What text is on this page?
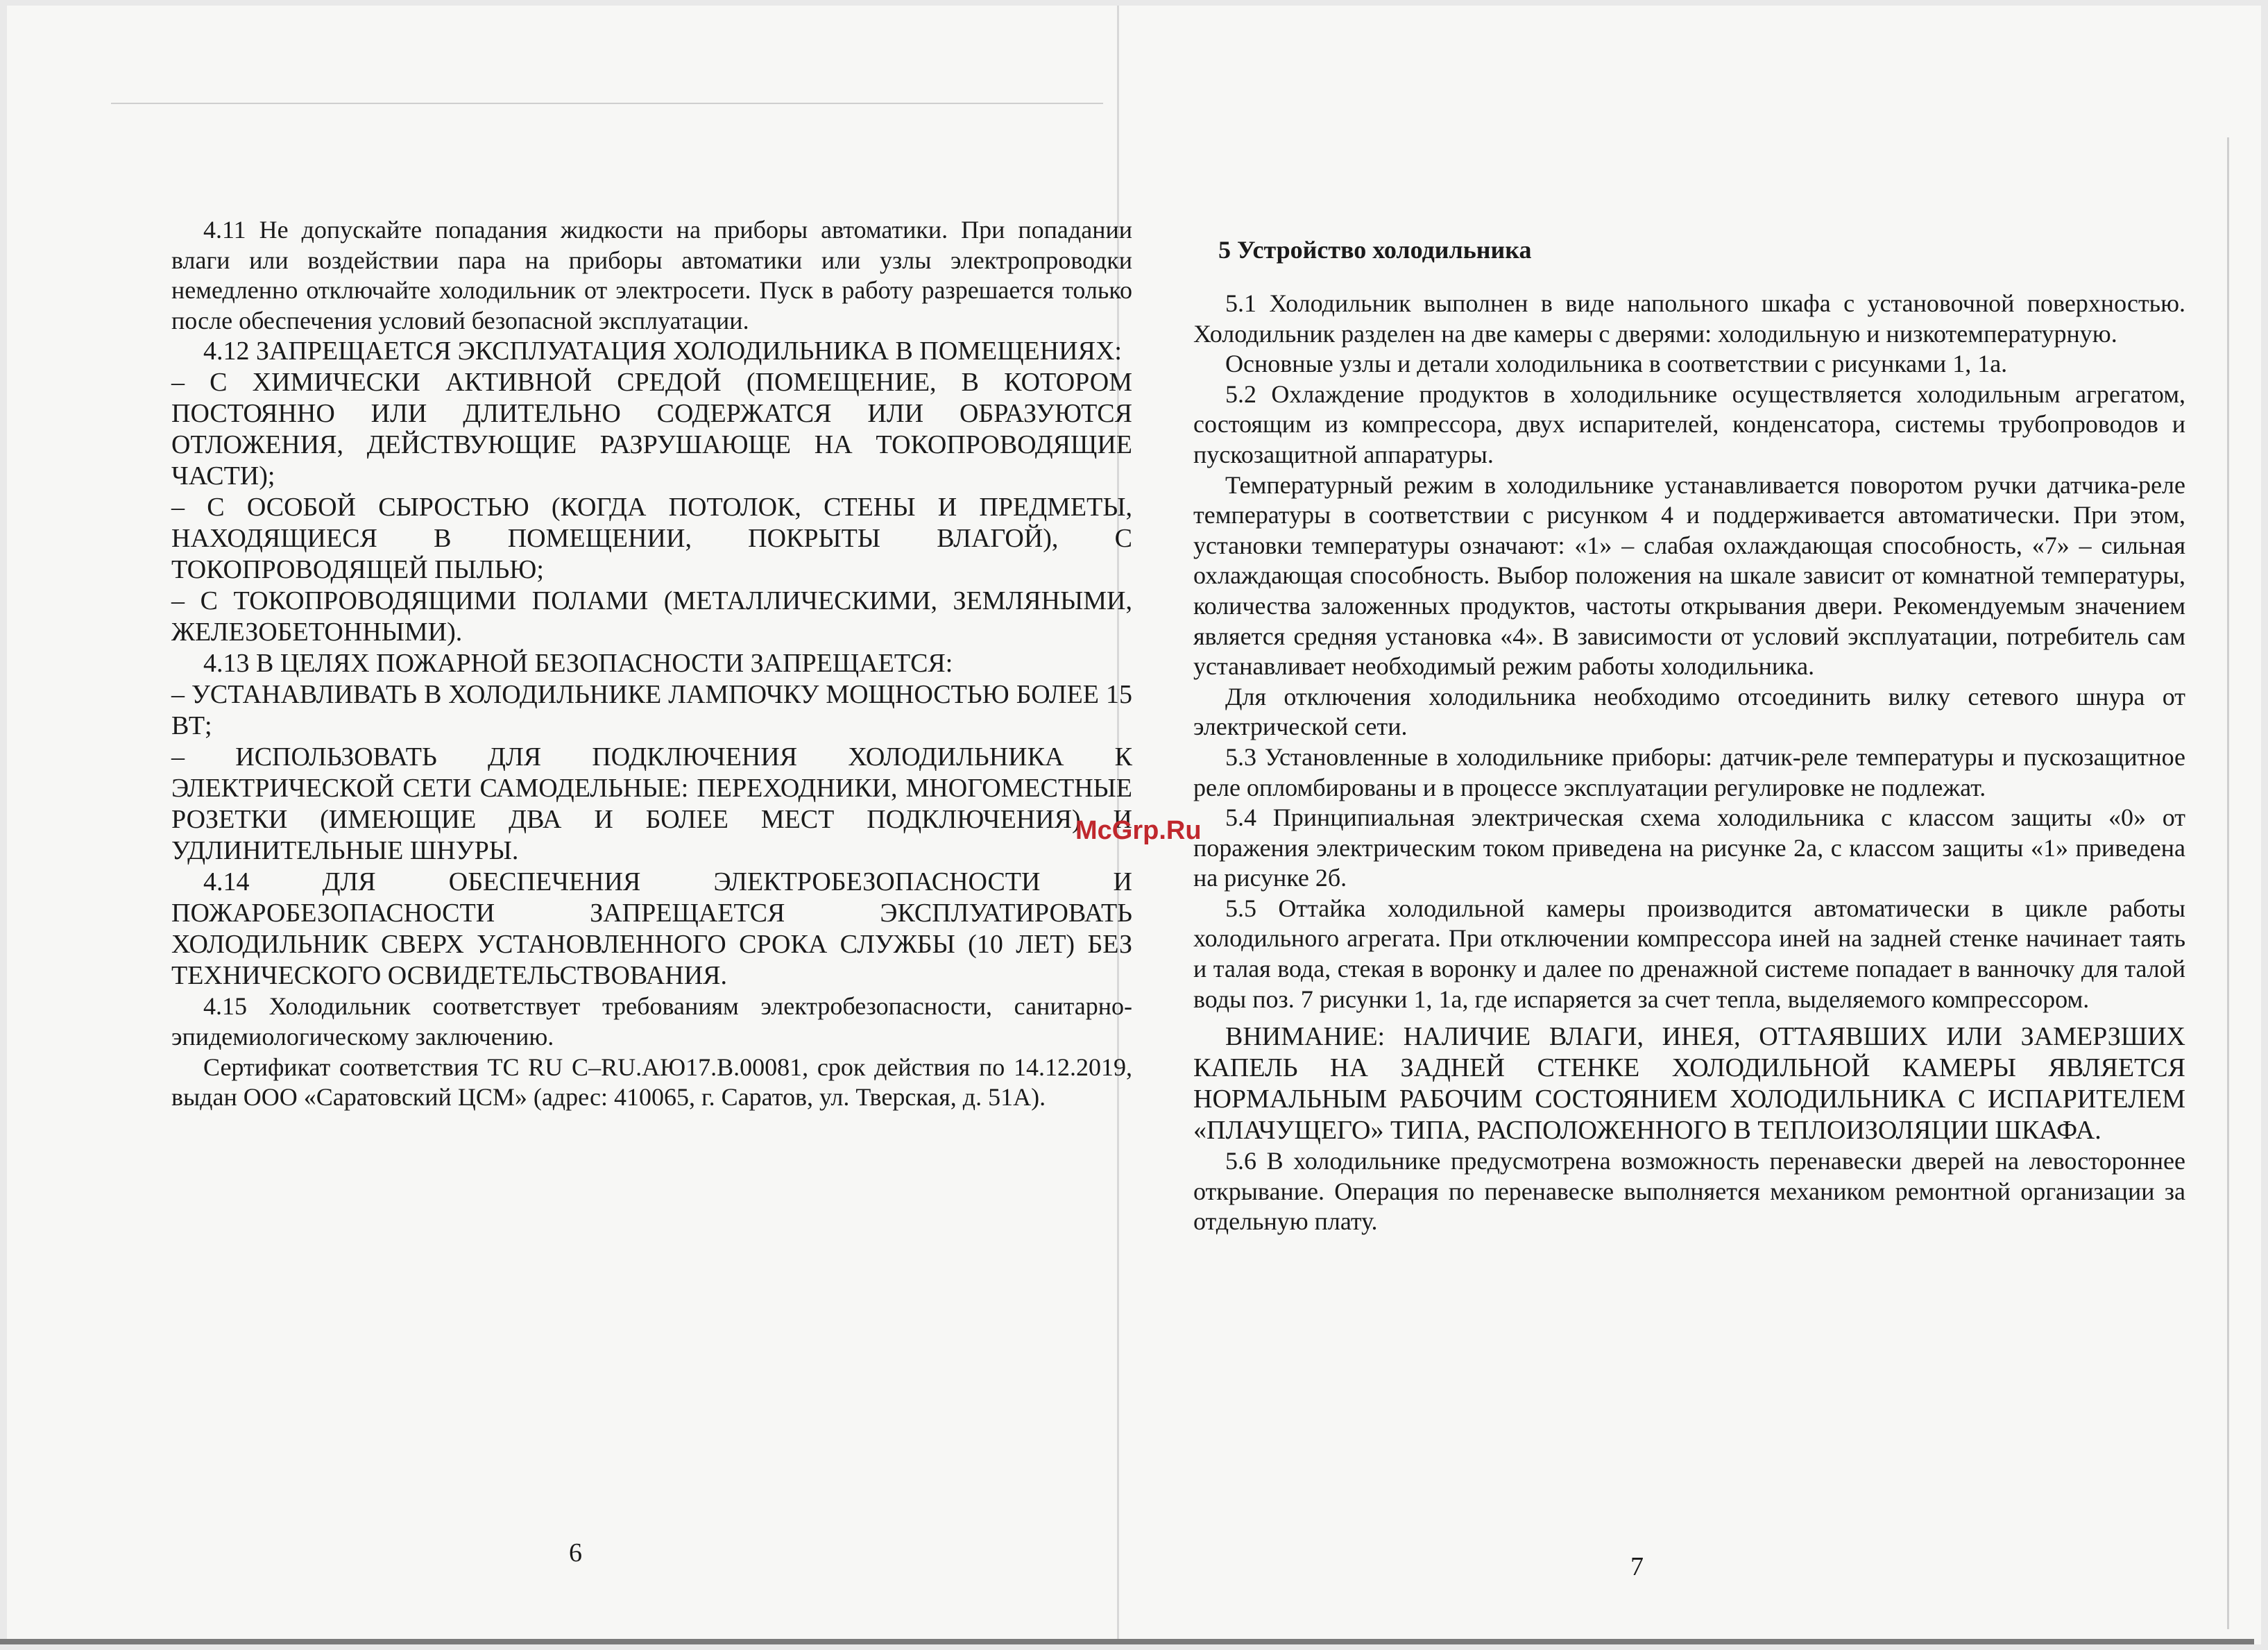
4.11 Не допускайте попадания жидкости на приборы автоматики. При попадании влаги или воздействии пара на приборы автоматики или узлы электропроводки немедленно отключайте холодильник от электросети. Пуск в работу разрешается только после обеспечения условий безопасной эксплуатации.

4.12 ЗАПРЕЩАЕТСЯ ЭКСПЛУАТАЦИЯ ХОЛОДИЛЬНИКА В ПОМЕЩЕНИЯХ:

– С ХИМИЧЕСКИ АКТИВНОЙ СРЕДОЙ (ПОМЕЩЕНИЕ, В КОТОРОМ ПОСТОЯННО ИЛИ ДЛИТЕЛЬНО СОДЕРЖАТСЯ ИЛИ ОБРАЗУЮТСЯ ОТЛОЖЕНИЯ, ДЕЙСТВУЮЩИЕ РАЗРУШАЮЩЕ НА ТОКОПРОВОДЯЩИЕ ЧАСТИ);

– С ОСОБОЙ СЫРОСТЬЮ (КОГДА ПОТОЛОК, СТЕНЫ И ПРЕДМЕТЫ, НАХОДЯЩИЕСЯ В ПОМЕЩЕНИИ, ПОКРЫТЫ ВЛАГОЙ), С ТОКОПРОВОДЯЩЕЙ ПЫЛЬЮ;

– С ТОКОПРОВОДЯЩИМИ ПОЛАМИ (МЕТАЛЛИЧЕСКИМИ, ЗЕМЛЯНЫМИ, ЖЕЛЕЗОБЕТОННЫМИ).

4.13 В ЦЕЛЯХ ПОЖАРНОЙ БЕЗОПАСНОСТИ ЗАПРЕЩАЕТСЯ:

– УСТАНАВЛИВАТЬ В ХОЛОДИЛЬНИКЕ ЛАМПОЧКУ МОЩНОСТЬЮ БОЛЕЕ 15 ВТ;

– ИСПОЛЬЗОВАТЬ ДЛЯ ПОДКЛЮЧЕНИЯ ХОЛОДИЛЬНИКА К ЭЛЕКТРИЧЕСКОЙ СЕТИ САМОДЕЛЬНЫЕ: ПЕРЕХОДНИКИ, МНОГОМЕСТНЫЕ РОЗЕТКИ (ИМЕЮЩИЕ ДВА И БОЛЕЕ МЕСТ ПОДКЛЮЧЕНИЯ) И УДЛИНИТЕЛЬНЫЕ ШНУРЫ.

4.14 ДЛЯ ОБЕСПЕЧЕНИЯ ЭЛЕКТРОБЕЗОПАСНОСТИ И ПОЖАРОБЕЗОПАСНОСТИ ЗАПРЕЩАЕТСЯ ЭКСПЛУАТИРОВАТЬ ХОЛОДИЛЬНИК СВЕРХ УСТАНОВЛЕННОГО СРОКА СЛУЖБЫ (10 ЛЕТ) БЕЗ ТЕХНИЧЕСКОГО ОСВИДЕТЕЛЬСТВОВАНИЯ.

4.15 Холодильник соответствует требованиям электробезопасности, санитарно-эпидемиологическому заключению.

Сертификат соответствия ТС RU C–RU.АЮ17.В.00081, срок действия по 14.12.2019, выдан ООО «Саратовский ЦСМ» (адрес: 410065, г. Саратов, ул. Тверская, д. 51А).

6
5 Устройство холодильника

5.1 Холодильник выполнен в виде напольного шкафа с установочной поверхностью. Холодильник разделен на две камеры с дверями: холодильную и низкотемпературную.

Основные узлы и детали холодильника в соответствии с рисунками 1, 1а.

5.2 Охлаждение продуктов в холодильнике осуществляется холодильным агрегатом, состоящим из компрессора, двух испарителей, конденсатора, системы трубопроводов и пускозащитной аппаратуры.

Температурный режим в холодильнике устанавливается поворотом ручки датчика-реле температуры в соответствии с рисунком 4 и поддерживается автоматически. При этом, установки температуры означают: «1» – слабая охлаждающая способность, «7» – сильная охлаждающая способность. Выбор положения на шкале зависит от комнатной температуры, количества заложенных продуктов, частоты открывания двери. Рекомендуемым значением является средняя установка «4». В зависимости от условий эксплуатации, потребитель сам устанавливает необходимый режим работы холодильника.

Для отключения холодильника необходимо отсоединить вилку сетевого шнура от электрической сети.

5.3 Установленные в холодильнике приборы: датчик-реле температуры и пускозащитное реле опломбированы и в процессе эксплуатации регулировке не подлежат.

5.4 Принципиальная электрическая схема холодильника с классом защиты «0» от поражения электрическим током приведена на рисунке 2а, с классом защиты «1» приведена на рисунке 2б.

5.5 Оттайка холодильной камеры производится автоматически в цикле работы холодильного агрегата. При отключении компрессора иней на задней стенке начинает таять и талая вода, стекая в воронку и далее по дренажной системе попадает в ванночку для талой воды поз. 7 рисунки 1, 1а, где испаряется за счет тепла, выделяемого компрессором.

ВНИМАНИЕ: НАЛИЧИЕ ВЛАГИ, ИНЕЯ, ОТТАЯВШИХ ИЛИ ЗАМЕРЗШИХ КАПЕЛЬ НА ЗАДНЕЙ СТЕНКЕ ХОЛОДИЛЬНОЙ КАМЕРЫ ЯВЛЯЕТСЯ НОРМАЛЬНЫМ РАБОЧИМ СОСТОЯНИЕМ ХОЛОДИЛЬНИКА С ИСПАРИТЕЛЕМ «ПЛАЧУЩЕГО» ТИПА, РАСПОЛОЖЕННОГО В ТЕПЛОИЗОЛЯЦИИ ШКАФА.

5.6 В холодильнике предусмотрена возможность перенавески дверей на левостороннее открывание. Операция по перенавеске выполняется механиком ремонтной организации за отдельную плату.

7
McGrp.Ru
